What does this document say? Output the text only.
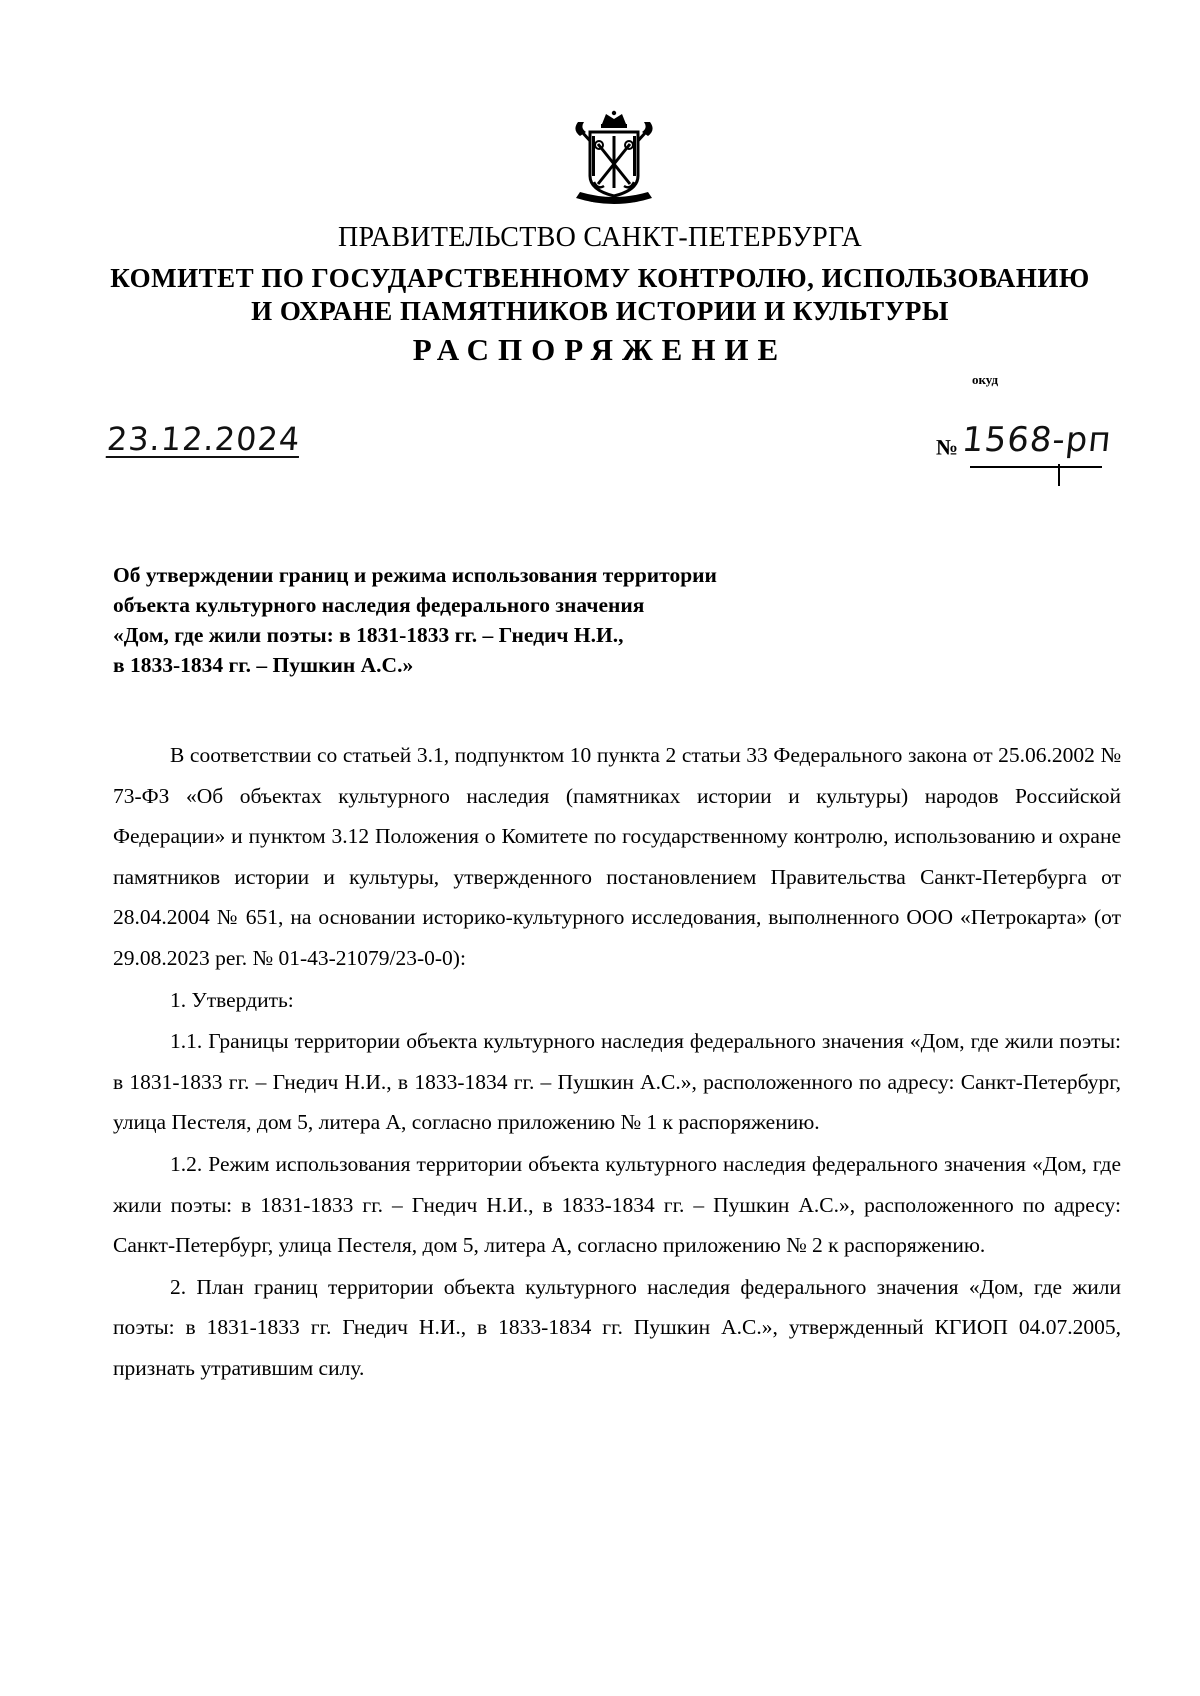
ПРАВИТЕЛЬСТВО САНКТ-ПЕТЕРБУРГА
КОМИТЕТ ПО ГОСУДАРСТВЕННОМУ КОНТРОЛЮ, ИСПОЛЬЗОВАНИЮ
И ОХРАНЕ ПАМЯТНИКОВ ИСТОРИИ И КУЛЬТУРЫ
РАСПОРЯЖЕНИЕ
окуд
23.12.2024	№ 1568-рп
Об утверждении границ и режима использования территории
объекта культурного наследия федерального значения
«Дом, где жили поэты: в 1831-1833 гг. – Гнедич Н.И.,
в 1833-1834 гг. – Пушкин А.С.»

В соответствии со статьей 3.1, подпунктом 10 пункта 2 статьи 33 Федерального закона от 25.06.2002 № 73-ФЗ «Об объектах культурного наследия (памятниках истории и культуры) народов Российской Федерации» и пунктом 3.12 Положения о Комитете по государственному контролю, использованию и охране памятников истории и культуры, утвержденного постановлением Правительства Санкт-Петербурга от 28.04.2004 № 651, на основании историко-культурного исследования, выполненного ООО «Петрокарта» (от 29.08.2023 рег. № 01-43-21079/23-0-0):

1. Утвердить:

1.1. Границы территории объекта культурного наследия федерального значения «Дом, где жили поэты: в 1831-1833 гг. – Гнедич Н.И., в 1833-1834 гг. – Пушкин А.С.», расположенного по адресу: Санкт-Петербург, улица Пестеля, дом 5, литера А, согласно приложению № 1 к распоряжению.

1.2. Режим использования территории объекта культурного наследия федерального значения «Дом, где жили поэты: в 1831-1833 гг. – Гнедич Н.И., в 1833-1834 гг. – Пушкин А.С.», расположенного по адресу: Санкт-Петербург, улица Пестеля, дом 5, литера А, согласно приложению № 2 к распоряжению.

2. План границ территории объекта культурного наследия федерального значения «Дом, где жили поэты: в 1831-1833 гг. Гнедич Н.И., в 1833-1834 гг. Пушкин А.С.», утвержденный КГИОП 04.07.2005, признать утратившим силу.
